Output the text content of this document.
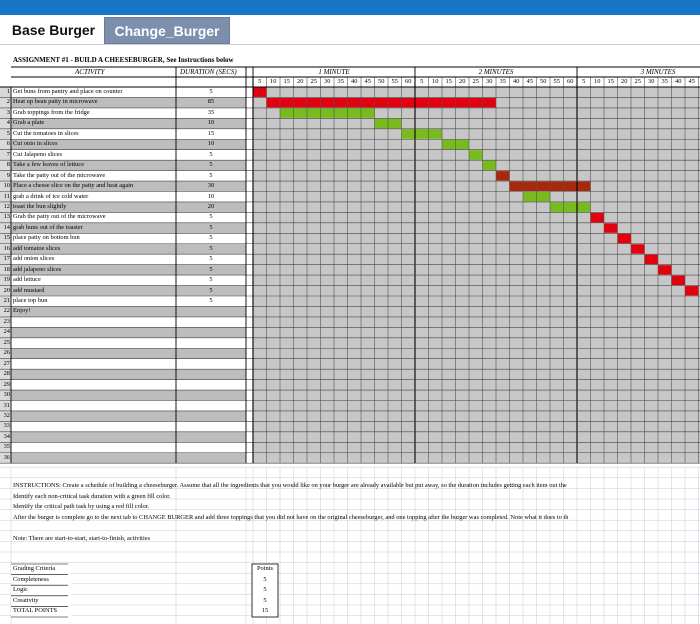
Base Burger	Change_Burger
ASSIGNMENT #1 - BUILD A CHEESEBURGER, See Instructions below
ACTIVITY	DURATION (SECS)	1 MINUTE	2 MINUTES	3 MINUTES
5	10	15	20	25	30	35	40	45	50	55	60	5	10	15	20	25	30	35	40	45	50	55	60	5	10	15	20	25	30	35	40	45
1 Get buns from pantry and place on counter	5
2 Heat up bean patty in microwave	85
3 Grab toppings from the fridge	35
4 Grab a plate	10
5 Cut the tomatoes in slices	15
6 Cut onio in slices	10
7 Cut Jalapeno slices	5
8 Take a few leaves of lettuce	5
9 Take the patty out of the microwave	5
10 Place a chesse slice on the patty and heat again	30
11 grab a drink of ice cold water	10
12 toast the bun slightly	20
13 Grab the patty out of the microwave	5
14 grab buns out of the toaster	5
15 place patty on bottom bun	5
16 add tomatoe slices	5
17 add onion slices	5
18 add jalapeno slices	5
19 add lettuce	5
20 add mustard	5
21 place top bun	5
22 Enjoy!
23
24
25
26
27
28
29
30
31
32
33
34
35
36
INSTRUCTIONS: Create a schedule of building a cheeseburger. Assume that all the ingredients that you would like on your burger are already available but put away, so the duration includes getting each item out the
Identify each non-critical task duration with a green fill color.
Identify the critical path task by using a red fill color.
After the burger is complete go to the next tab to CHANGE BURGER and add three toppings that you did not have on the original cheeseburger, and one topping after the burger was completed. Note what it does to th
Note: There are start-to-start, start-to-finish, activities
Grading Criteria	Points
Completeness	5
Logic	5
Creativity	5
TOTAL POINTS	15
